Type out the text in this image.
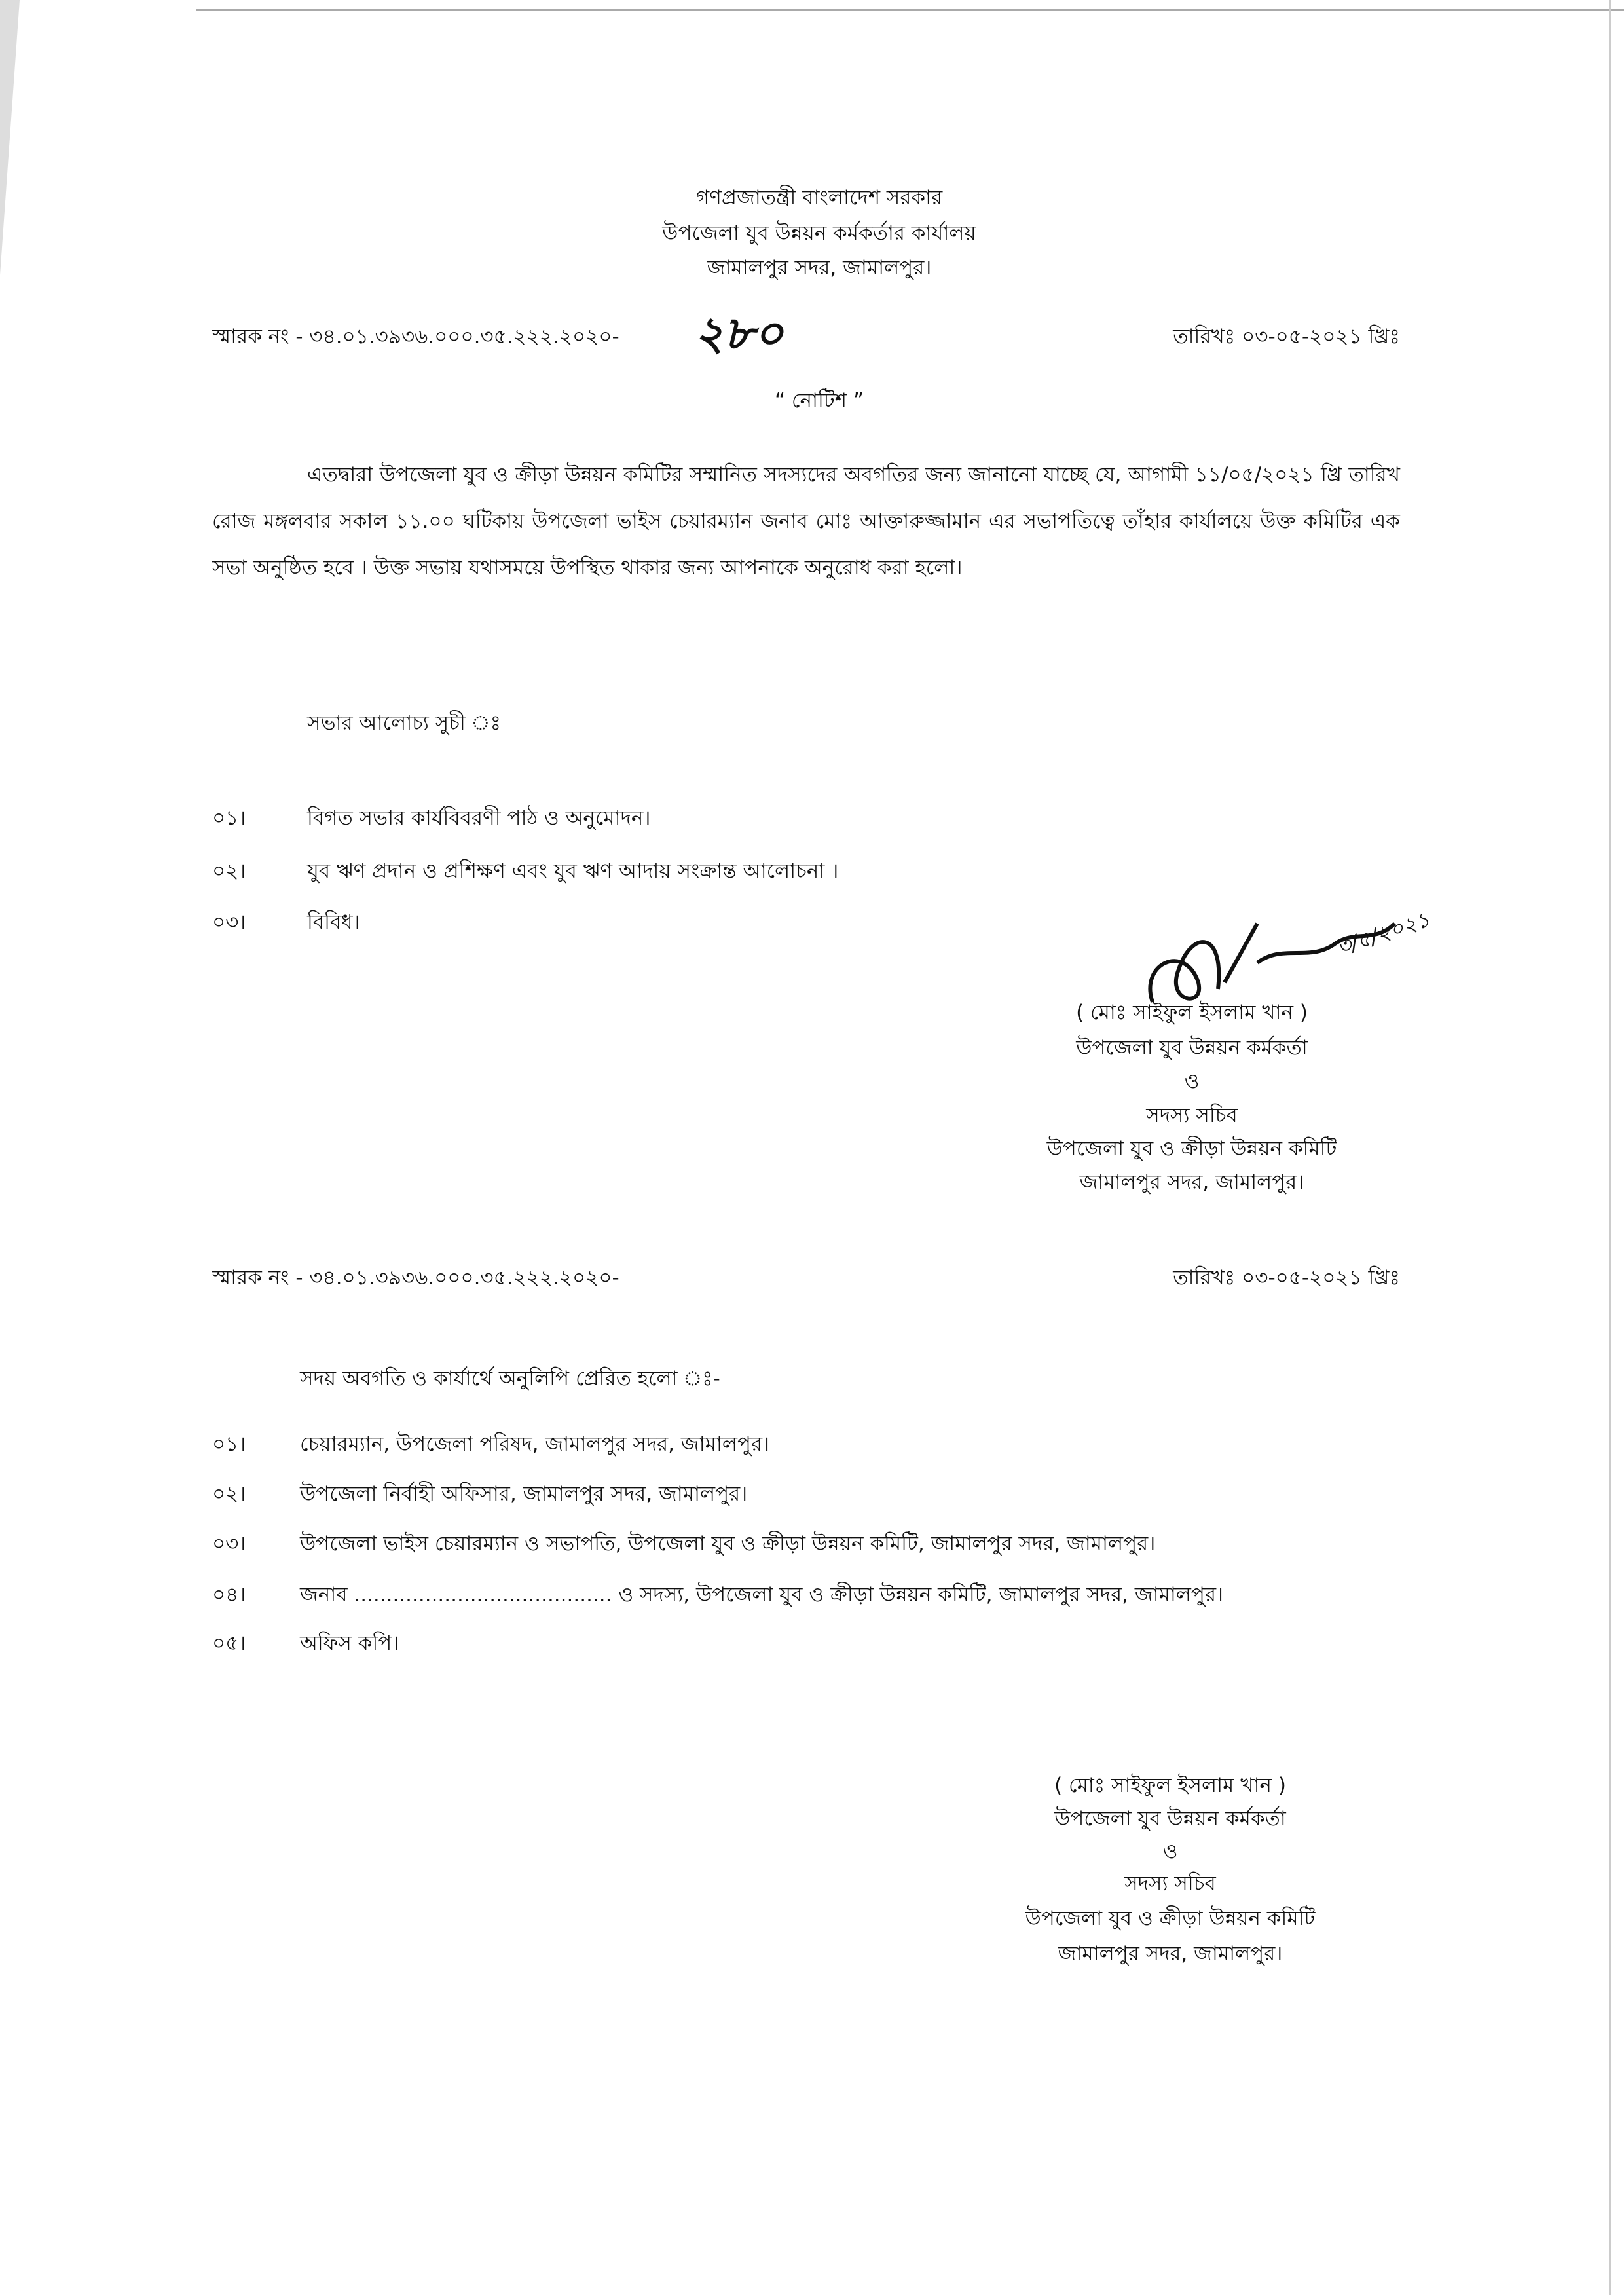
গণপ্রজাতন্ত্রী বাংলাদেশ সরকার
উপজেলা যুব উন্নয়ন কর্মকর্তার কার্যালয়
জামালপুর সদর, জামালপুর।
স্মারক নং - ৩৪.০১.৩৯৩৬.০০০.৩৫.২২২.২০২০- ২৮০	তারিখঃ ০৩-০৫-২০২১ খ্রিঃ
“ নোটিশ ”
এতদ্বারা উপজেলা যুব ও ক্রীড়া উন্নয়ন কমিটির সম্মানিত সদস্যদের অবগতির জন্য জানানো যাচ্ছে যে, আগামী ১১/০৫/২০২১ খ্রি তারিখ রোজ মঙ্গলবার সকাল ১১.০০ ঘটিকায় উপজেলা ভাইস চেয়ারম্যান জনাব মোঃ আক্তারুজ্জামান এর সভাপতিত্বে তাঁহার কার্যালয়ে উক্ত কমিটির এক সভা অনুষ্ঠিত হবে । উক্ত সভায় যথাসময়ে উপস্থিত থাকার জন্য আপনাকে অনুরোধ করা হলো।
সভার আলোচ্য সুচী ঃ
০১।	বিগত সভার কার্যবিবরণী পাঠ ও অনুমোদন।
০২।	যুব ঋণ প্রদান ও প্রশিক্ষণ এবং যুব ঋণ আদায় সংক্রান্ত আলোচনা ।
০৩।	বিবিধ।	৩/৫/২০২১
( মোঃ সাইফুল ইসলাম খান )
উপজেলা যুব উন্নয়ন কর্মকর্তা
ও
সদস্য সচিব
উপজেলা যুব ও ক্রীড়া উন্নয়ন কমিটি
জামালপুর সদর, জামালপুর।
স্মারক নং - ৩৪.০১.৩৯৩৬.০০০.৩৫.২২২.২০২০-	তারিখঃ ০৩-০৫-২০২১ খ্রিঃ
সদয় অবগতি ও কার্যার্থে অনুলিপি প্রেরিত হলো ঃ-
০১।	চেয়ারম্যান, উপজেলা পরিষদ, জামালপুর সদর, জামালপুর।
০২।	উপজেলা নির্বাহী অফিসার, জামালপুর সদর, জামালপুর।
০৩।	উপজেলা ভাইস চেয়ারম্যান ও সভাপতি, উপজেলা যুব ও ক্রীড়া উন্নয়ন কমিটি, জামালপুর সদর, জামালপুর।
০৪।	জনাব ........................................ ও সদস্য, উপজেলা যুব ও ক্রীড়া উন্নয়ন কমিটি, জামালপুর সদর, জামালপুর।
০৫।	অফিস কপি।
( মোঃ সাইফুল ইসলাম খান )
উপজেলা যুব উন্নয়ন কর্মকর্তা
ও
সদস্য সচিব
উপজেলা যুব ও ক্রীড়া উন্নয়ন কমিটি
জামালপুর সদর, জামালপুর।
